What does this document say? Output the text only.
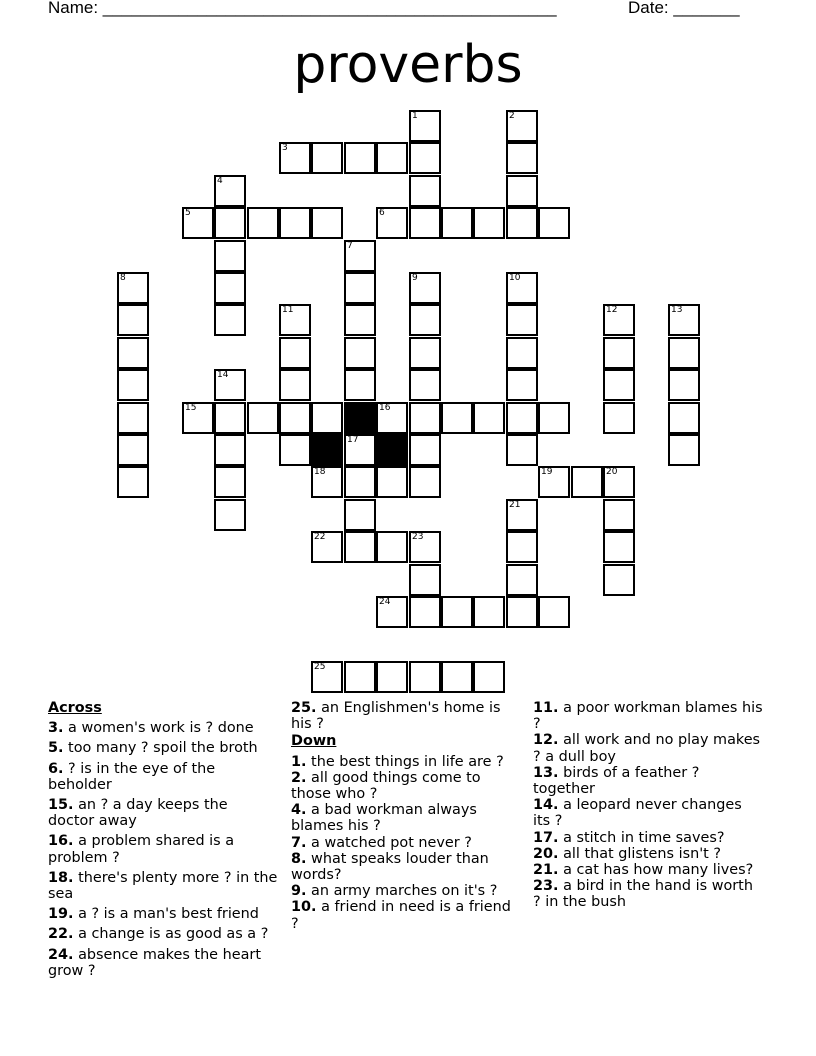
Name: ________________________________________________	Date: _______
proverbs
1	2
3
4
5	6
7
8	9	10
11	12	13
14
15	16
17
18	19	20
21
22	23
24
25
Across
3. a women's work is ? done
5. too many ? spoil the broth
6. ? is in the eye of the beholder
15. an ? a day keeps the doctor away
16. a problem shared is a problem ?
18. there's plenty more ? in the sea
19. a ? is a man's best friend
22. a change is as good as a ?
24. absence makes the heart grow ?
25. an Englishmen's home is his ?
Down
1. the best things in life are ?
2. all good things come to those who ?
4. a bad workman always blames his ?
7. a watched pot never ?
8. what speaks louder than words?
9. an army marches on it's ?
10. a friend in need is a friend ?
11. a poor workman blames his ?
12. all work and no play makes ? a dull boy
13. birds of a feather ? together
14. a leopard never changes its ?
17. a stitch in time saves?
20. all that glistens isn't ?
21. a cat has how many lives?
23. a bird in the hand is worth ? in the bush
